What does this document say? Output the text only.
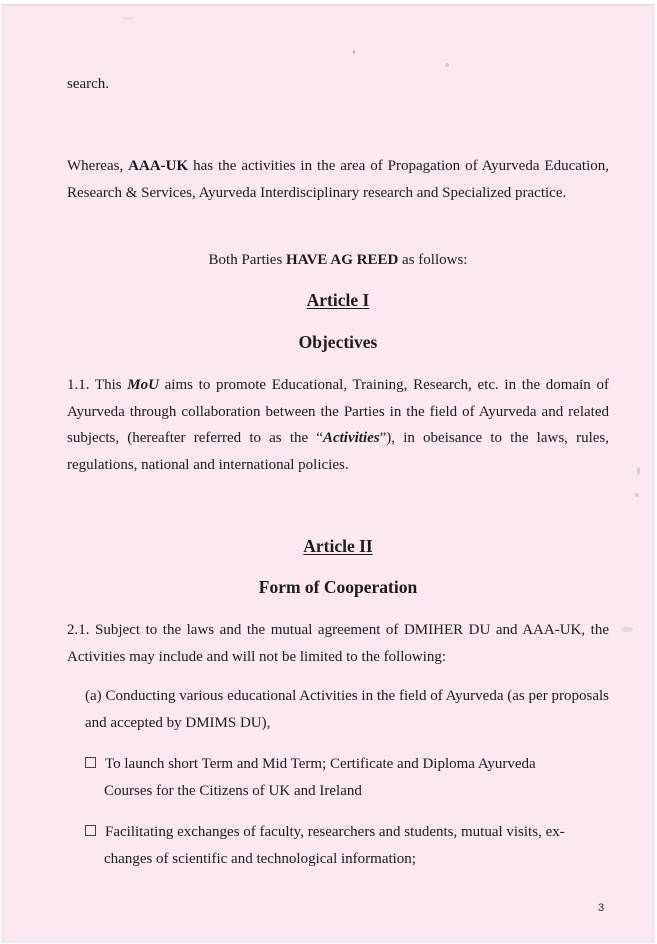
search.
Whereas, AAA-UK has the activities in the area of Propagation of Ayurveda Education, Research & Services, Ayurveda Interdisciplinary research and Specialized practice.
Both Parties HAVE AG REED as follows:
Article I
Objectives
1.1. This MoU aims to promote Educational, Training, Research, etc. in the domain of Ayurveda through collaboration between the Parties in the field of Ayurveda and related subjects, (hereafter referred to as the “Activities”), in obeisance to the laws, rules, regulations, national and international policies.
Article II
Form of Cooperation
2.1. Subject to the laws and the mutual agreement of DMIHER DU and AAA-UK, the Activities may include and will not be limited to the following:
(a) Conducting various educational Activities in the field of Ayurveda (as per proposals and accepted by DMIMS DU),
To launch short Term and Mid Term; Certificate and Diploma Ayurveda
Courses for the Citizens of UK and Ireland
Facilitating exchanges of faculty, researchers and students, mutual visits, ex-
changes of scientific and technological information;
3
